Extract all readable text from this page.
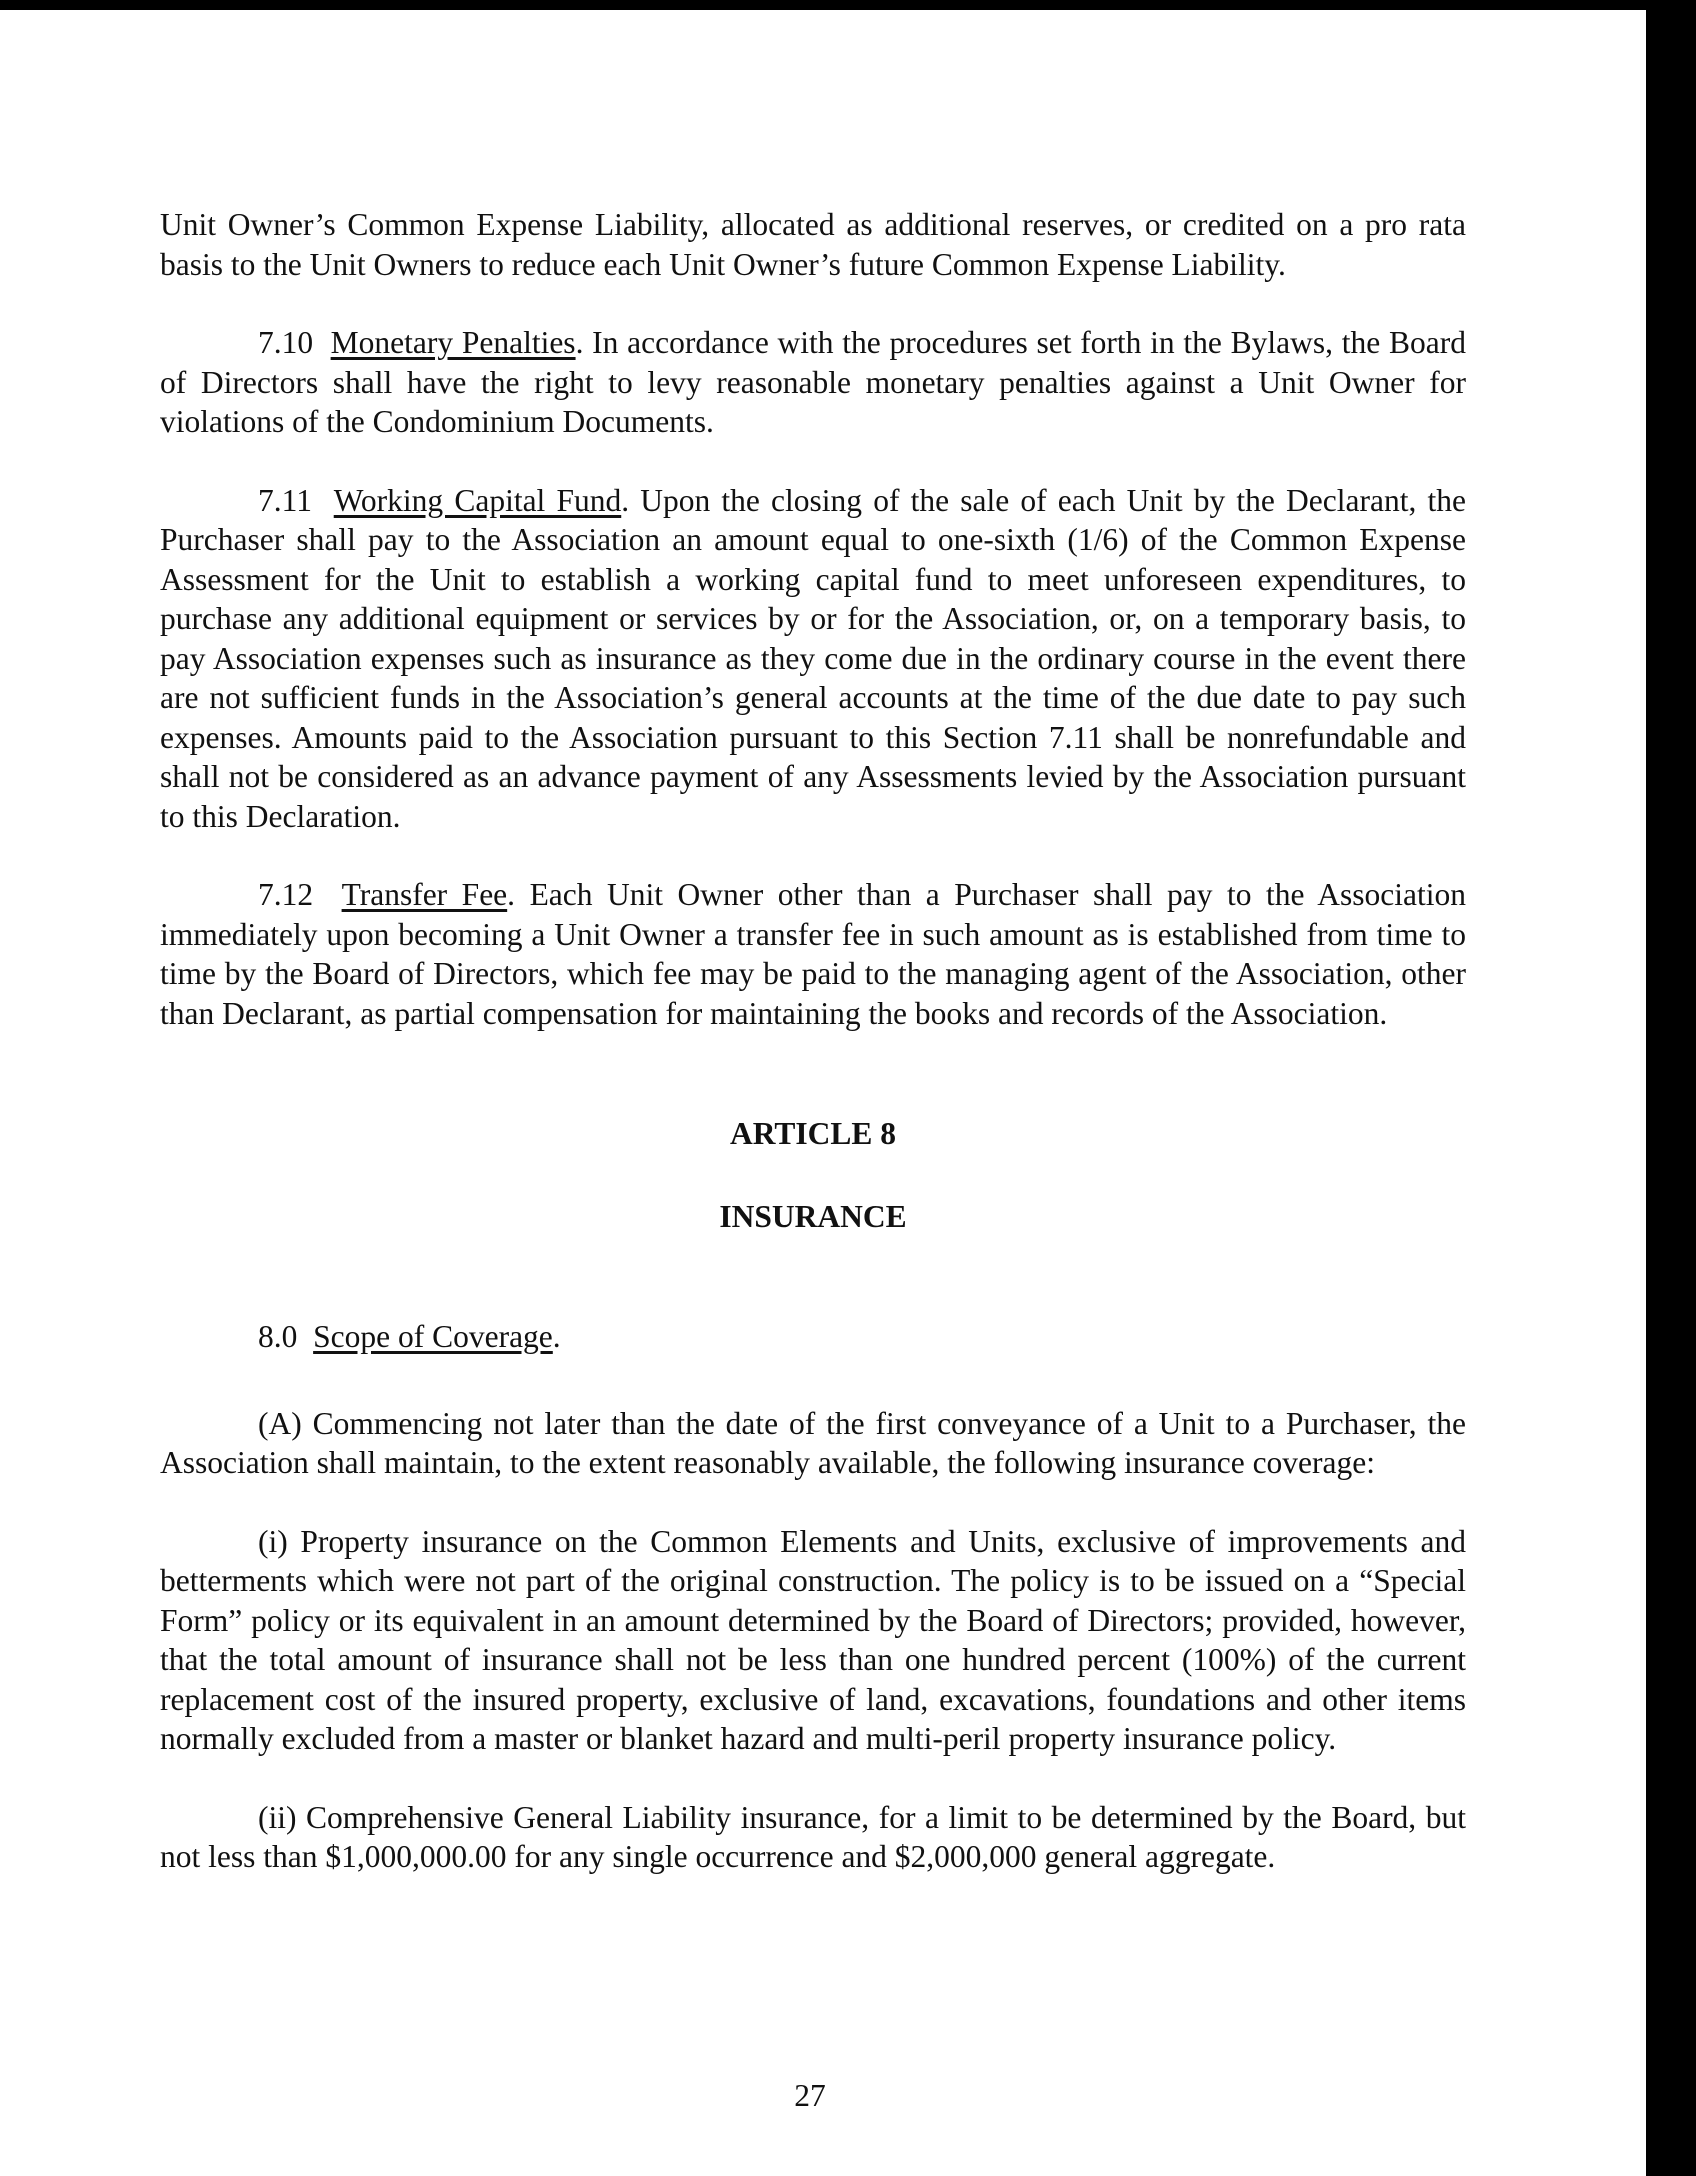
Unit Owner’s Common Expense Liability, allocated as additional reserves, or credited on a pro rata basis to the Unit Owners to reduce each Unit Owner’s future Common Expense Liability.

7.10 Monetary Penalties. In accordance with the procedures set forth in the Bylaws, the Board of Directors shall have the right to levy reasonable monetary penalties against a Unit Owner for violations of the Condominium Documents.

7.11 Working Capital Fund. Upon the closing of the sale of each Unit by the Declarant, the Purchaser shall pay to the Association an amount equal to one-sixth (1/6) of the Common Expense Assessment for the Unit to establish a working capital fund to meet unforeseen expenditures, to purchase any additional equipment or services by or for the Association, or, on a temporary basis, to pay Association expenses such as insurance as they come due in the ordinary course in the event there are not sufficient funds in the Association’s general accounts at the time of the due date to pay such expenses. Amounts paid to the Association pursuant to this Section 7.11 shall be nonrefundable and shall not be considered as an advance payment of any Assessments levied by the Association pursuant to this Declaration.

7.12 Transfer Fee. Each Unit Owner other than a Purchaser shall pay to the Association immediately upon becoming a Unit Owner a transfer fee in such amount as is established from time to time by the Board of Directors, which fee may be paid to the managing agent of the Association, other than Declarant, as partial compensation for maintaining the books and records of the Association.

ARTICLE 8
INSURANCE

8.0 Scope of Coverage.

(A) Commencing not later than the date of the first conveyance of a Unit to a Purchaser, the Association shall maintain, to the extent reasonably available, the following insurance coverage:

(i) Property insurance on the Common Elements and Units, exclusive of improvements and betterments which were not part of the original construction. The policy is to be issued on a “Special Form” policy or its equivalent in an amount determined by the Board of Directors; provided, however, that the total amount of insurance shall not be less than one hundred percent (100%) of the current replacement cost of the insured property, exclusive of land, excavations, foundations and other items normally excluded from a master or blanket hazard and multi-peril property insurance policy.

(ii) Comprehensive General Liability insurance, for a limit to be determined by the Board, but not less than $1,000,000.00 for any single occurrence and $2,000,000 general aggregate.

27
